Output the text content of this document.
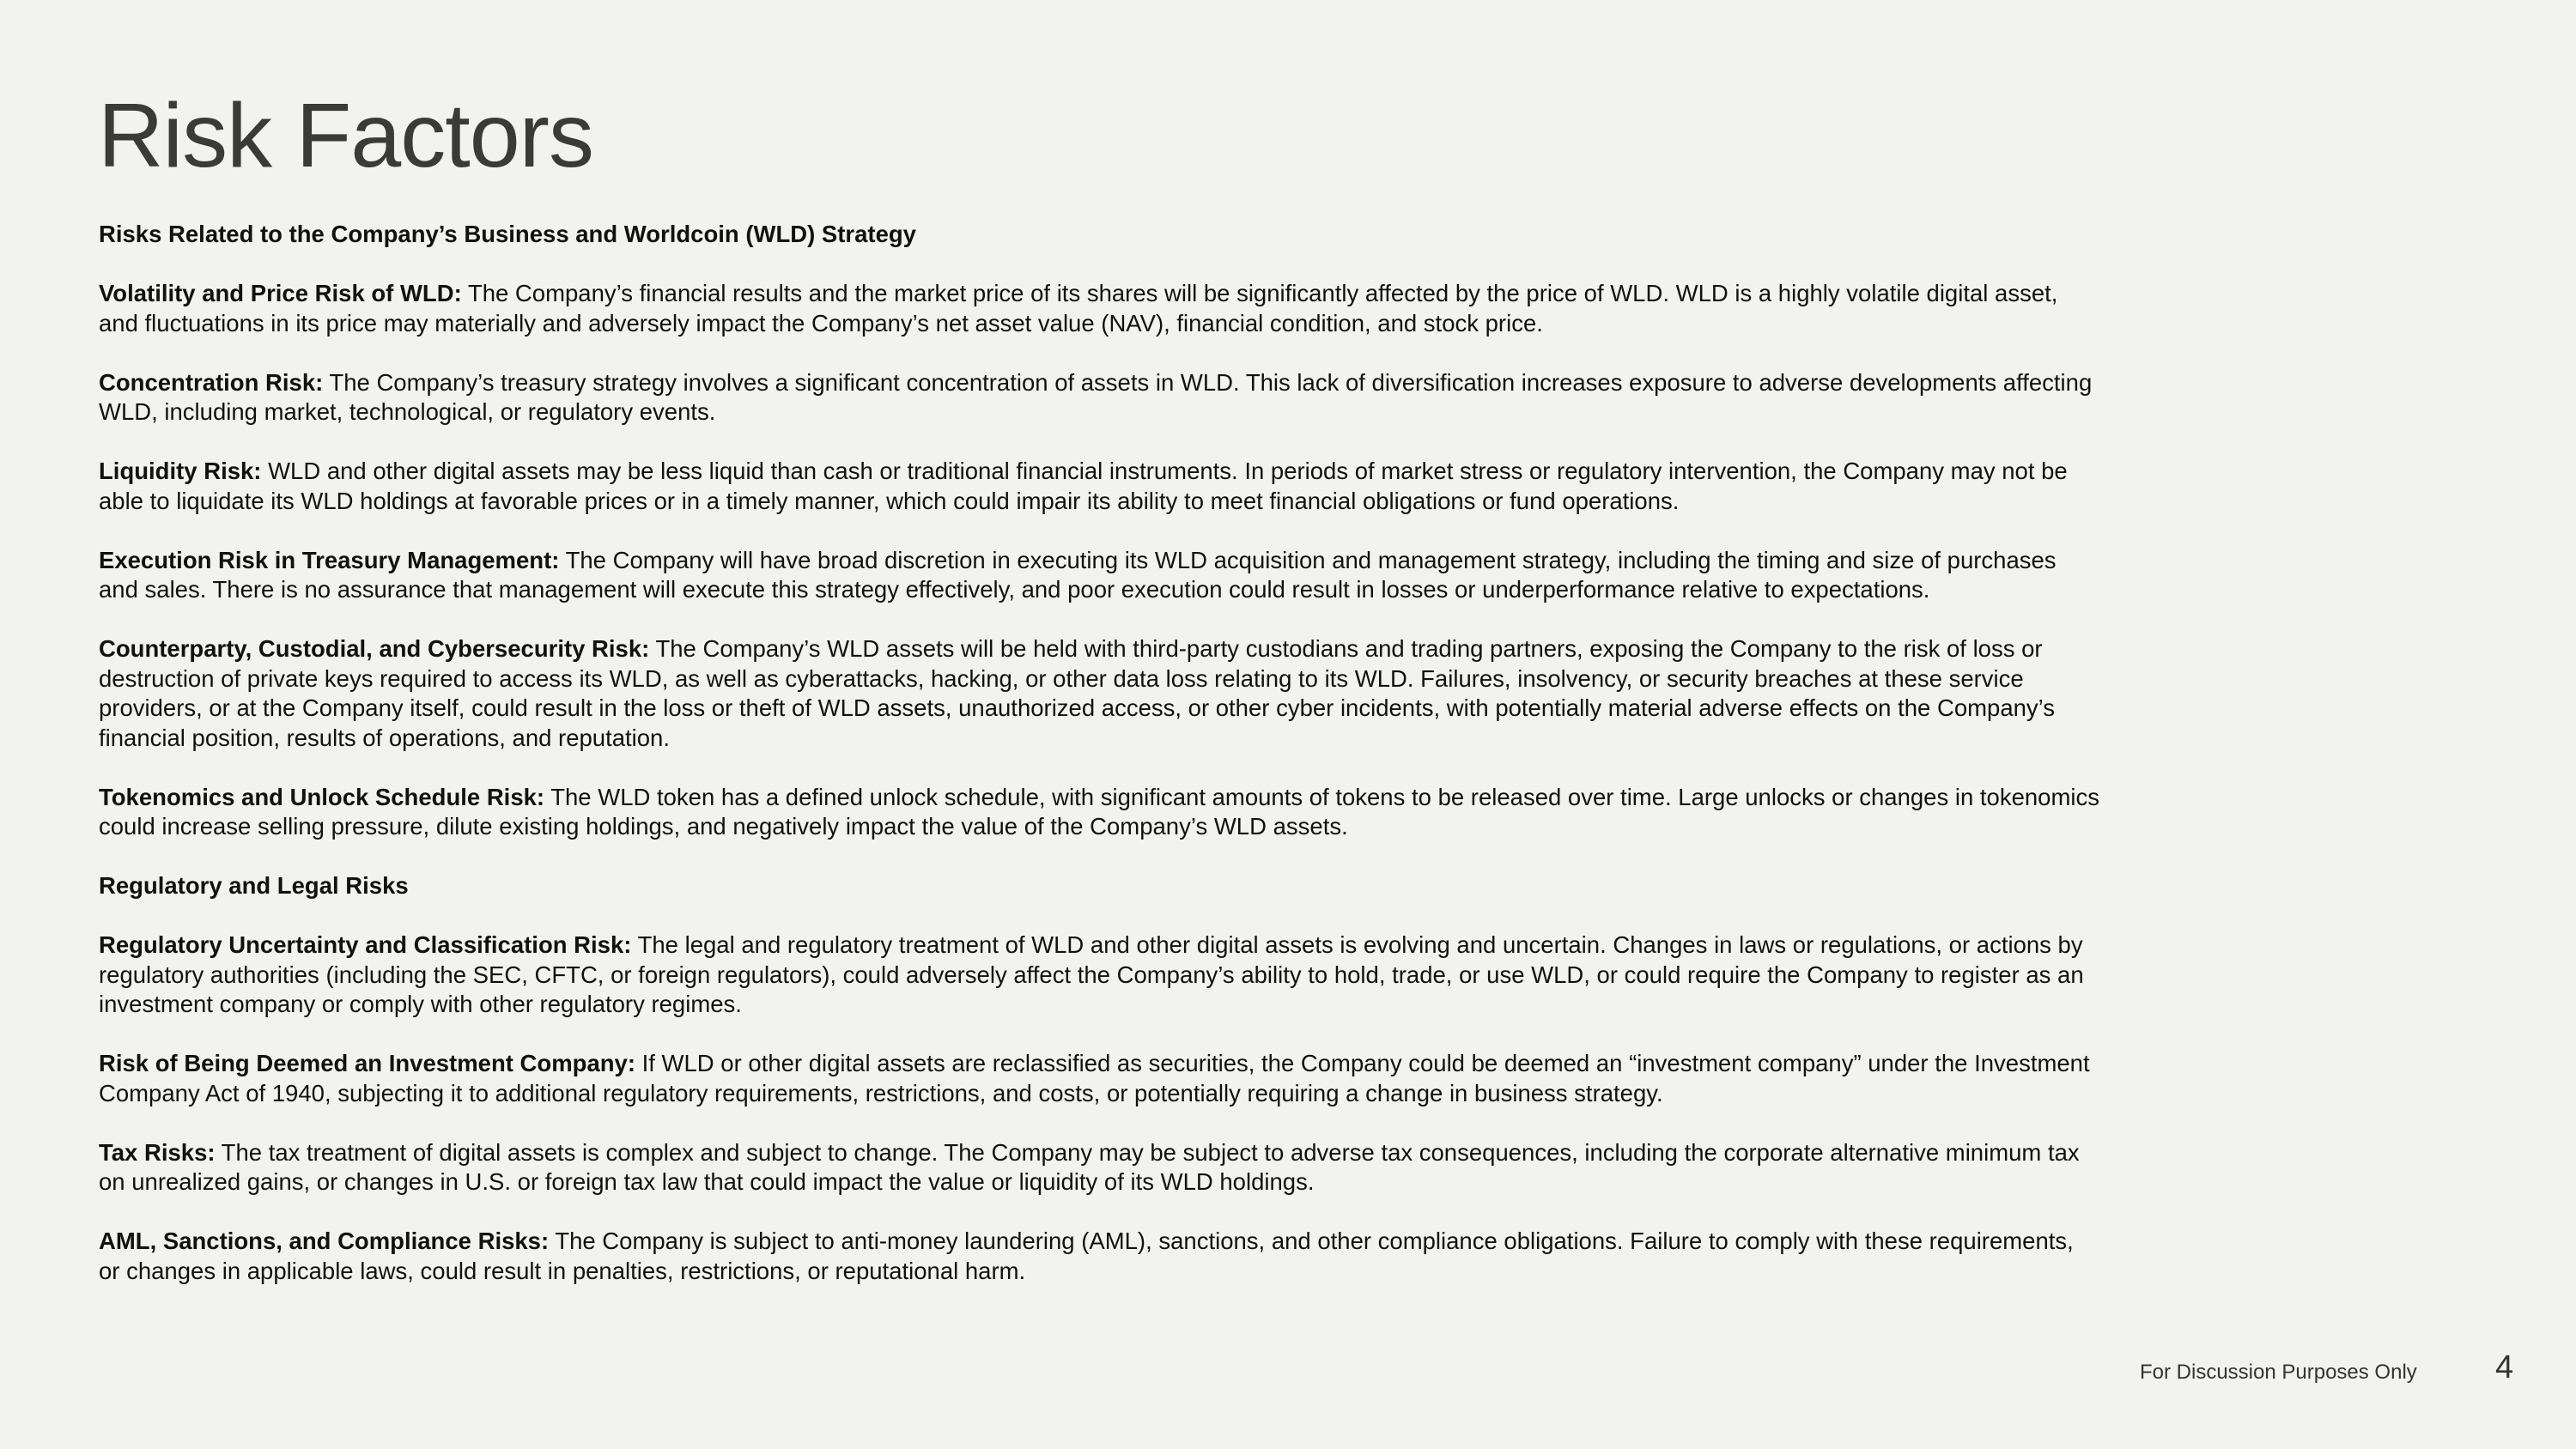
Risk Factors

Risks Related to the Company’s Business and Worldcoin (WLD) Strategy

Volatility and Price Risk of WLD: The Company’s financial results and the market price of its shares will be significantly affected by the price of WLD. WLD is a highly volatile digital asset, and fluctuations in its price may materially and adversely impact the Company’s net asset value (NAV), financial condition, and stock price.

Concentration Risk: The Company’s treasury strategy involves a significant concentration of assets in WLD. This lack of diversification increases exposure to adverse developments affecting WLD, including market, technological, or regulatory events.

Liquidity Risk: WLD and other digital assets may be less liquid than cash or traditional financial instruments. In periods of market stress or regulatory intervention, the Company may not be able to liquidate its WLD holdings at favorable prices or in a timely manner, which could impair its ability to meet financial obligations or fund operations.

Execution Risk in Treasury Management: The Company will have broad discretion in executing its WLD acquisition and management strategy, including the timing and size of purchases and sales. There is no assurance that management will execute this strategy effectively, and poor execution could result in losses or underperformance relative to expectations.

Counterparty, Custodial, and Cybersecurity Risk: The Company’s WLD assets will be held with third-party custodians and trading partners, exposing the Company to the risk of loss or destruction of private keys required to access its WLD, as well as cyberattacks, hacking, or other data loss relating to its WLD. Failures, insolvency, or security breaches at these service providers, or at the Company itself, could result in the loss or theft of WLD assets, unauthorized access, or other cyber incidents, with potentially material adverse effects on the Company’s financial position, results of operations, and reputation.

Tokenomics and Unlock Schedule Risk: The WLD token has a defined unlock schedule, with significant amounts of tokens to be released over time. Large unlocks or changes in tokenomics could increase selling pressure, dilute existing holdings, and negatively impact the value of the Company’s WLD assets.

Regulatory and Legal Risks

Regulatory Uncertainty and Classification Risk: The legal and regulatory treatment of WLD and other digital assets is evolving and uncertain. Changes in laws or regulations, or actions by regulatory authorities (including the SEC, CFTC, or foreign regulators), could adversely affect the Company’s ability to hold, trade, or use WLD, or could require the Company to register as an investment company or comply with other regulatory regimes.

Risk of Being Deemed an Investment Company: If WLD or other digital assets are reclassified as securities, the Company could be deemed an “investment company” under the Investment Company Act of 1940, subjecting it to additional regulatory requirements, restrictions, and costs, or potentially requiring a change in business strategy.

Tax Risks: The tax treatment of digital assets is complex and subject to change. The Company may be subject to adverse tax consequences, including the corporate alternative minimum tax on unrealized gains, or changes in U.S. or foreign tax law that could impact the value or liquidity of its WLD holdings.

AML, Sanctions, and Compliance Risks: The Company is subject to anti-money laundering (AML), sanctions, and other compliance obligations. Failure to comply with these requirements, or changes in applicable laws, could result in penalties, restrictions, or reputational harm.

For Discussion Purposes Only 4
